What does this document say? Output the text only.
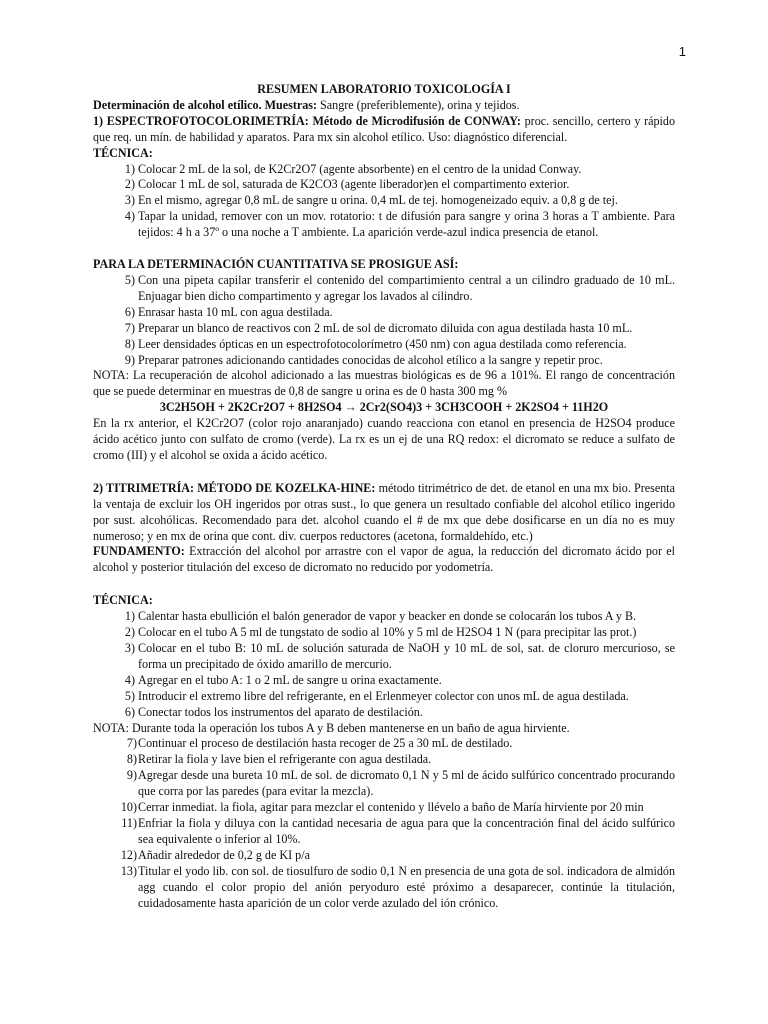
1

RESUMEN LABORATORIO TOXICOLOGÍA I

Determinación de alcohol etílico. Muestras: Sangre (preferiblemente), orina y tejidos.

1) ESPECTROFOTOCOLORIMETRÍA: Método de Microdifusión de CONWAY: proc. sencillo, certero y rápido que req. un mín. de habilidad y aparatos. Para mx sin alcohol etílico. Uso: diagnóstico diferencial.

TÉCNICA:

1) Colocar 2 mL de la sol, de K2Cr2O7 (agente absorbente) en el centro de la unidad Conway.
2) Colocar 1 mL de sol, saturada de K2CO3 (agente liberador)en el compartimento exterior.
3) En el mismo, agregar 0,8 mL de sangre u orina. 0,4 mL de tej. homogeneizado equiv. a 0,8 g de tej.
4) Tapar la unidad, remover con un mov. rotatorio: t de difusión para sangre y orina 3 horas a T ambiente. Para tejidos: 4 h a 37º o una noche a T ambiente. La aparición verde-azul indica presencia de etanol.

PARA LA DETERMINACIÓN CUANTITATIVA SE PROSIGUE ASÍ:

5) Con una pipeta capilar transferir el contenido del compartimiento central a un cilindro graduado de 10 mL. Enjuagar bien dicho compartimento y agregar los lavados al cilindro.
6) Enrasar hasta 10 mL con agua destilada.
7) Preparar un blanco de reactivos con 2 mL de sol de dicromato diluida con agua destilada hasta 10 mL.
8) Leer densidades ópticas en un espectrofotocolorímetro (450 nm) con agua destilada como referencia.
9) Preparar patrones adicionando cantidades conocidas de alcohol etílico a la sangre y repetir proc.

NOTA: La recuperación de alcohol adicionado a las muestras biológicas es de 96 a 101%. El rango de concentración que se puede determinar en muestras de 0,8 de sangre u orina es de 0 hasta 300 mg %

3C2H5OH + 2K2Cr2O7 + 8H2SO4 → 2Cr2(SO4)3 + 3CH3COOH + 2K2SO4 + 11H2O

En la rx anterior, el K2Cr2O7 (color rojo anaranjado) cuando reacciona con etanol en presencia de H2SO4 produce ácido acético junto con sulfato de cromo (verde). La rx es un ej de una RQ redox: el dicromato se reduce a sulfato de cromo (III) y el alcohol se oxida a ácido acético.

2) TITRIMETRÍA: MÉTODO DE KOZELKA-HINE: método titrimétrico de det. de etanol en una mx bio. Presenta la ventaja de excluir los OH ingeridos por otras sust., lo que genera un resultado confiable del alcohol etílico ingerido por sust. alcohólicas. Recomendado para det. alcohol cuando el # de mx que debe dosificarse en un día no es muy numeroso; y en mx de orina que cont. div. cuerpos reductores (acetona, formaldehído, etc.)

FUNDAMENTO: Extracción del alcohol por arrastre con el vapor de agua, la reducción del dicromato ácido por el alcohol y posterior titulación del exceso de dicromato no reducido por yodometría.

TÉCNICA:

1) Calentar hasta ebullición el balón generador de vapor y beacker en donde se colocarán los tubos A y B.
2) Colocar en el tubo A 5 ml de tungstato de sodio al 10% y 5 ml de H2SO4 1 N (para precipitar las prot.)
3) Colocar en el tubo B: 10 mL de solución saturada de NaOH y 10 mL de sol, sat. de cloruro mercurioso, se forma un precipitado de óxido amarillo de mercurio.
4) Agregar en el tubo A: 1 o 2 mL de sangre u orina exactamente.
5) Introducir el extremo libre del refrigerante, en el Erlenmeyer colector con unos mL de agua destilada.
6) Conectar todos los instrumentos del aparato de destilación.

NOTA: Durante toda la operación los tubos A y B deben mantenerse en un baño de agua hirviente.

7) Continuar el proceso de destilación hasta recoger de 25 a 30 mL de destilado.
8) Retirar la fiola y lave bien el refrigerante con agua destilada.
9) Agregar desde una bureta 10 mL de sol. de dicromato 0,1 N y 5 ml de ácido sulfúrico concentrado procurando que corra por las paredes (para evitar la mezcla).
10) Cerrar inmediat. la fiola, agitar para mezclar el contenido y llévelo a baño de María hirviente por 20 min
11) Enfriar la fiola y diluya con la cantidad necesaria de agua para que la concentración final del ácido sulfúrico sea equivalente o inferior al 10%.
12) Añadir alrededor de 0,2 g de KI p/a
13) Titular el yodo lib. con sol. de tiosulfuro de sodio 0,1 N en presencia de una gota de sol. indicadora de almidón agg cuando el color propio del anión peryoduro esté próximo a desaparecer, continúe la titulación, cuidadosamente hasta aparición de un color verde azulado del ión crónico.
